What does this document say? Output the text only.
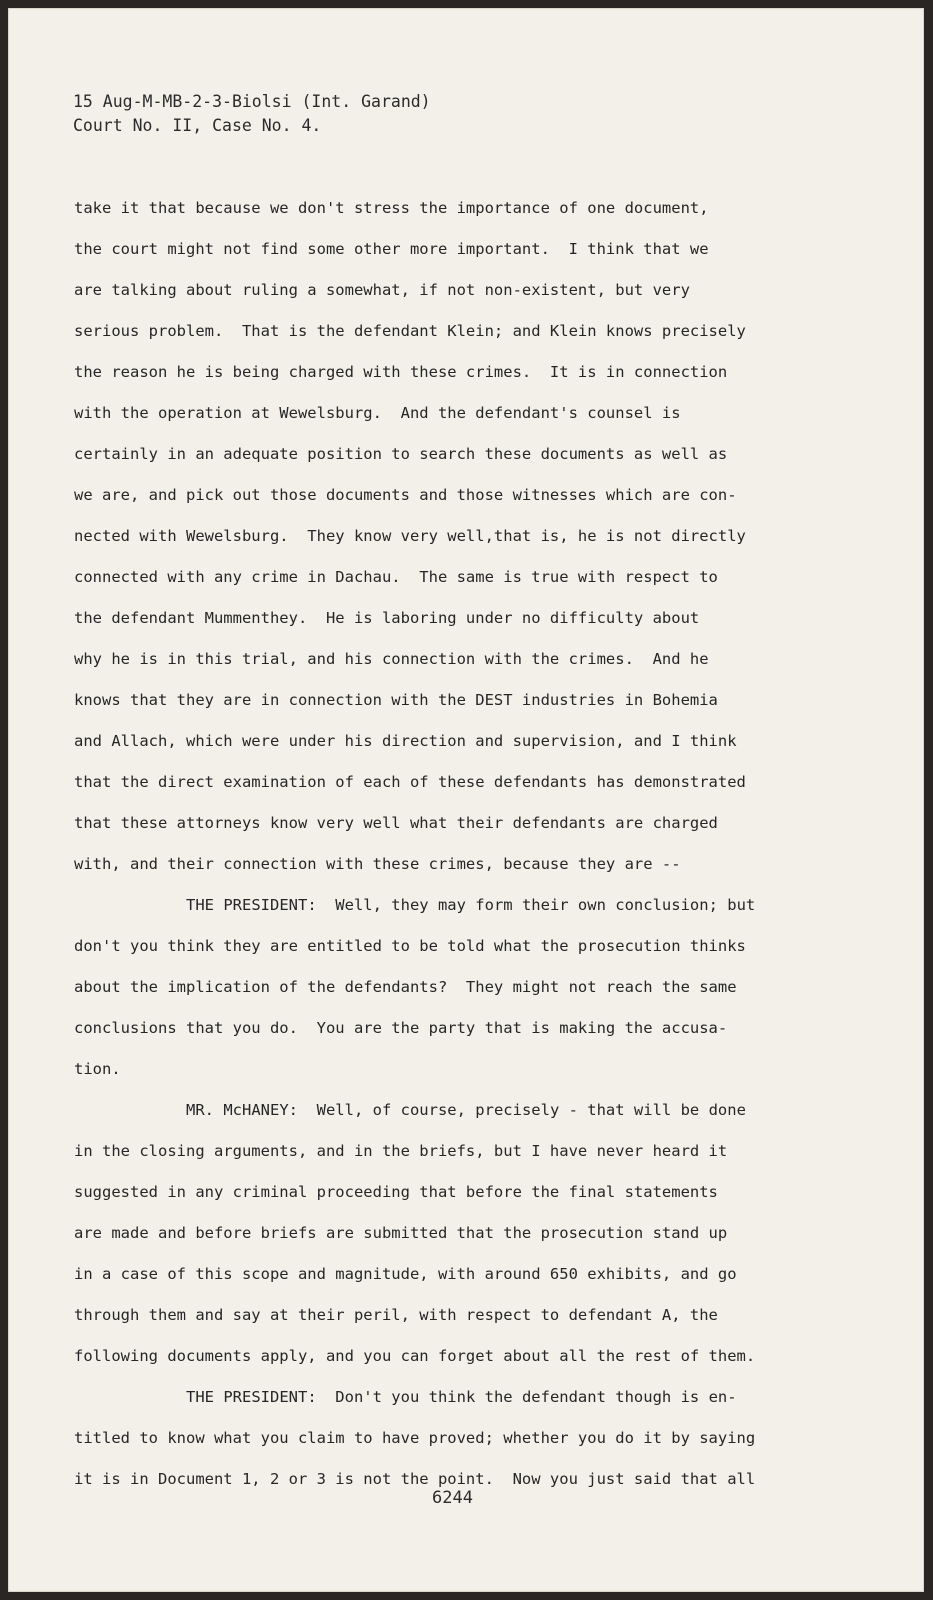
15 Aug-M-MB-2-3-Biolsi (Int. Garand)
Court No. II, Case No. 4.
take it that because we don't stress the importance of one document,
the court might not find some other more important.  I think that we
are talking about ruling a somewhat, if not non-existent, but very
serious problem.  That is the defendant Klein; and Klein knows precisely
the reason he is being charged with these crimes.  It is in connection
with the operation at Wewelsburg.  And the defendant's counsel is
certainly in an adequate position to search these documents as well as
we are, and pick out those documents and those witnesses which are con-
nected with Wewelsburg.  They know very well,that is, he is not directly
connected with any crime in Dachau.  The same is true with respect to
the defendant Mummenthey.  He is laboring under no difficulty about
why he is in this trial, and his connection with the crimes.  And he
knows that they are in connection with the DEST industries in Bohemia
and Allach, which were under his direction and supervision, and I think
that the direct examination of each of these defendants has demonstrated
that these attorneys know very well what their defendants are charged
with, and their connection with these crimes, because they are --
THE PRESIDENT:  Well, they may form their own conclusion; but
don't you think they are entitled to be told what the prosecution thinks
about the implication of the defendants?  They might not reach the same
conclusions that you do.  You are the party that is making the accusa-
tion.
MR. McHANEY:  Well, of course, precisely - that will be done
in the closing arguments, and in the briefs, but I have never heard it
suggested in any criminal proceeding that before the final statements
are made and before briefs are submitted that the prosecution stand up
in a case of this scope and magnitude, with around 650 exhibits, and go
through them and say at their peril, with respect to defendant A, the
following documents apply, and you can forget about all the rest of them.
THE PRESIDENT:  Don't you think the defendant though is en-
titled to know what you claim to have proved; whether you do it by saying
it is in Document 1, 2 or 3 is not the point.  Now you just said that all
6244
